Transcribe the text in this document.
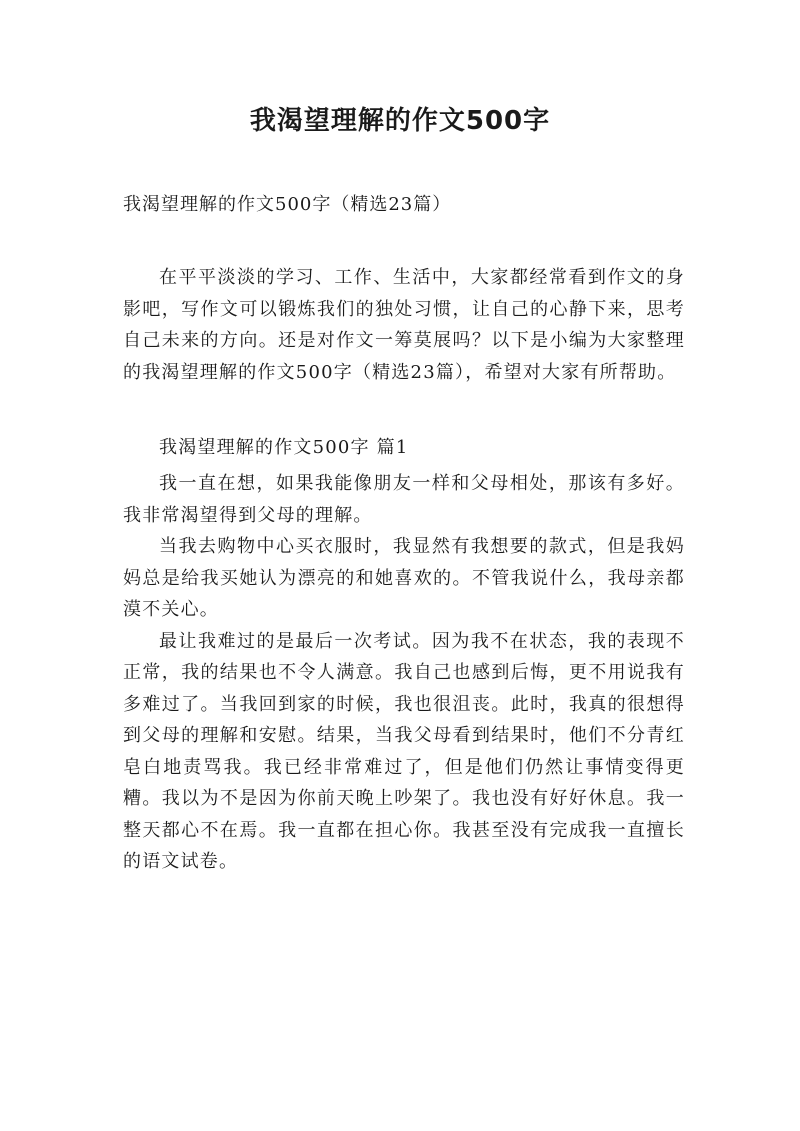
我渴望理解的作文500字
我渴望理解的作文500字（精选23篇）

在平平淡淡的学习、工作、生活中，大家都经常看到作文的身影吧，写作文可以锻炼我们的独处习惯，让自己的心静下来，思考自己未来的方向。还是对作文一筹莫展吗？以下是小编为大家整理的我渴望理解的作文500字（精选23篇），希望对大家有所帮助。

我渴望理解的作文500字 篇1

我一直在想，如果我能像朋友一样和父母相处，那该有多好。我非常渴望得到父母的理解。

当我去购物中心买衣服时，我显然有我想要的款式，但是我妈妈总是给我买她认为漂亮的和她喜欢的。不管我说什么，我母亲都漠不关心。

最让我难过的是最后一次考试。因为我不在状态，我的表现不正常，我的结果也不令人满意。我自己也感到后悔，更不用说我有多难过了。当我回到家的时候，我也很沮丧。此时，我真的很想得到父母的理解和安慰。结果，当我父母看到结果时，他们不分青红皂白地责骂我。我已经非常难过了，但是他们仍然让事情变得更糟。我以为不是因为你前天晚上吵架了。我也没有好好休息。我一整天都心不在焉。我一直都在担心你。我甚至没有完成我一直擅长的语文试卷。
